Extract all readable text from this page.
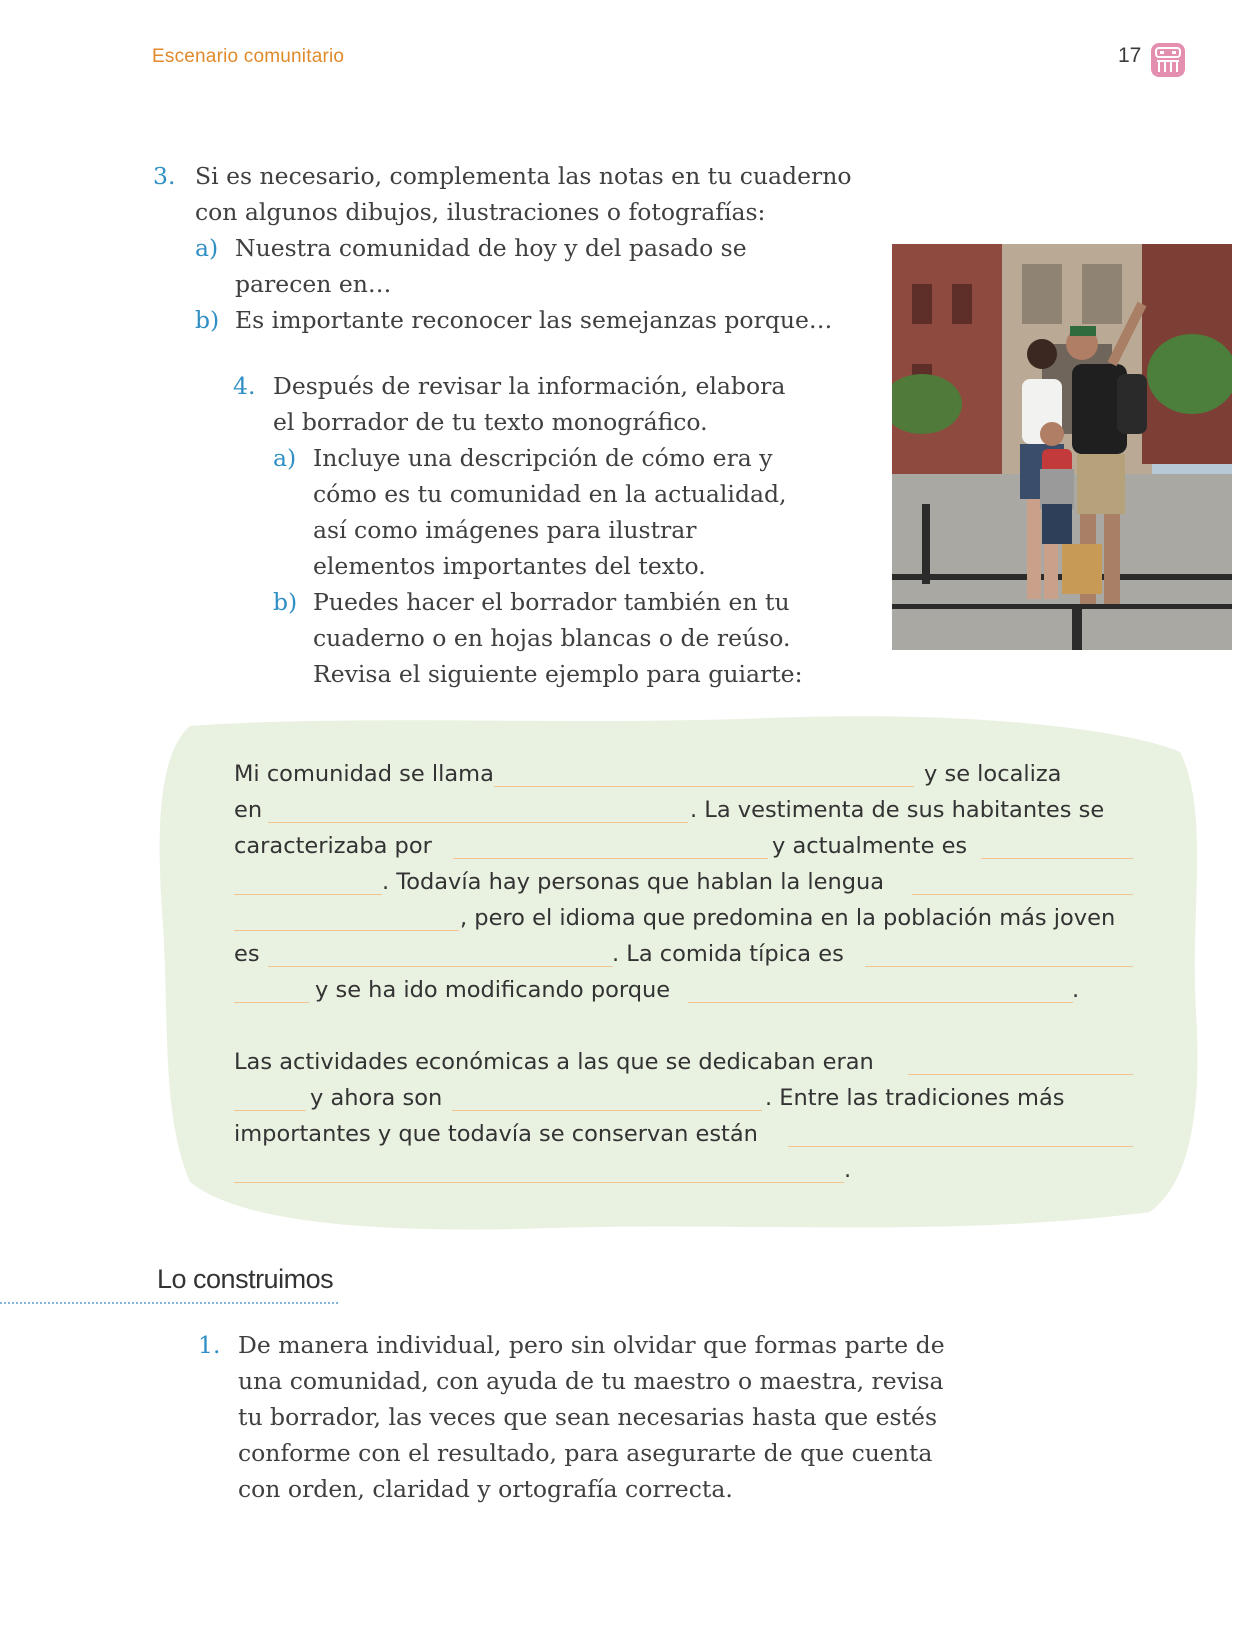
Escenario comunitario	17
3. Si es necesario, complementa las notas en tu cuaderno
con algunos dibujos, ilustraciones o fotografías:
a) Nuestra comunidad de hoy y del pasado se
parecen en…
b) Es importante reconocer las semejanzas porque…
4. Después de revisar la información, elabora
el borrador de tu texto monográfico.
a) Incluye una descripción de cómo era y
cómo es tu comunidad en la actualidad,
así como imágenes para ilustrar
elementos importantes del texto.
b) Puedes hacer el borrador también en tu
cuaderno o en hojas blancas o de reúso.
Revisa el siguiente ejemplo para guiarte:
Mi comunidad se llama	y se localiza
en	. La vestimenta de sus habitantes se
caracterizaba por	y actualmente es
. Todavía hay personas que hablan la lengua
, pero el idioma que predomina en la población más joven
es	. La comida típica es
y se ha ido modificando porque	.
Las actividades económicas a las que se dedicaban eran
y ahora son	. Entre las tradiciones más
importantes y que todavía se conservan están
.
Lo construimos
1. De manera individual, pero sin olvidar que formas parte de
una comunidad, con ayuda de tu maestro o maestra, revisa
tu borrador, las veces que sean necesarias hasta que estés
conforme con el resultado, para asegurarte de que cuenta
con orden, claridad y ortografía correcta.
